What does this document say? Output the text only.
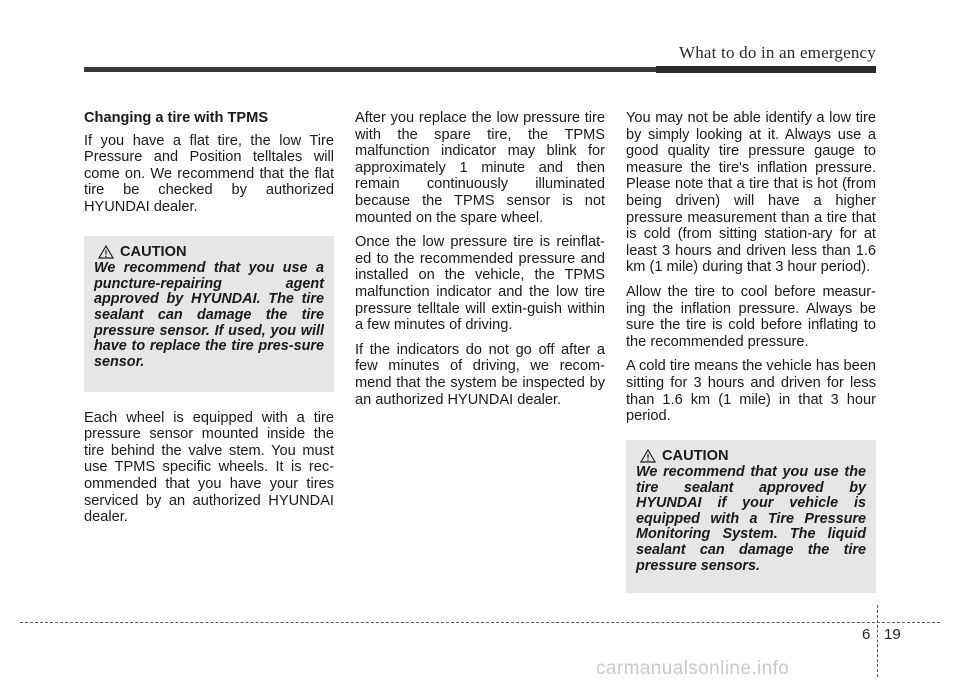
What to do in an emergency
Changing a tire with TPMS
If you have a flat tire, the low Tire Pressure and Position telltales will come on. We recommend that the flat tire be checked by authorized HYUNDAI dealer.
CAUTION
We recommend that you use a puncture-repairing agent approved by HYUNDAI. The tire sealant can damage the tire pressure sensor. If used, you will have to replace the tire pres-sure sensor.
Each wheel is equipped with a tire pressure sensor mounted inside the tire behind the valve stem. You must use TPMS specific wheels. It is rec-ommended that you have your tires serviced by an authorized HYUNDAI dealer.
After you replace the low pressure tire with the spare tire, the TPMS malfunction indicator may blink for approximately 1 minute and then remain continuously illuminated because the TPMS sensor is not mounted on the spare wheel.
Once the low pressure tire is reinflat-ed to the recommended pressure and installed on the vehicle, the TPMS malfunction indicator and the low tire pressure telltale will extin-guish within a few minutes of driving.
If the indicators do not go off after a few minutes of driving, we recom-mend that the system be inspected by an authorized HYUNDAI dealer.
You may not be able identify a low tire by simply looking at it. Always use a good quality tire pressure gauge to measure the tire's inflation pressure. Please note that a tire that is hot (from being driven) will have a higher pressure measurement than a tire that is cold (from sitting station-ary for at least 3 hours and driven less than 1.6 km (1 mile) during that 3 hour period).
Allow the tire to cool before measur-ing the inflation pressure. Always be sure the tire is cold before inflating to the recommended pressure.
A cold tire means the vehicle has been sitting for 3 hours and driven for less than 1.6 km (1 mile) in that 3 hour period.
CAUTION
We recommend that you use the tire sealant approved by HYUNDAI if your vehicle is equipped with a Tire Pressure Monitoring System. The liquid sealant can damage the tire pressure sensors.
6 19
carmanualsonline.info
